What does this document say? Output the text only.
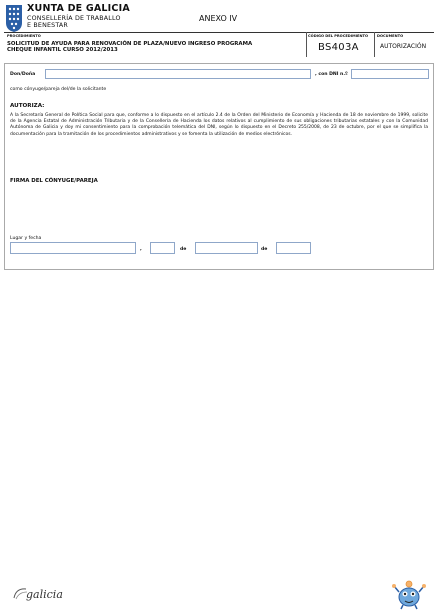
XUNTA DE GALICIA
CONSELLERÍA DE TRABALLO
E BENESTAR
ANEXO IV
PROCEDIMIENTO	CÓDIGO DEL PROCEDIMIENTO	DOCUMENTO
SOLICITUD DE AYUDA PARA RENOVACIÓN DE PLAZA/NUEVO INGRESO PROGRAMA
CHEQUE INFANTIL CURSO 2012/2013	BS403A	AUTORIZACIÓN
Don/Doña	, con DNI n.º
como cónyuge/pareja del/de la solicitante
AUTORIZA:
A la Secretaría General de Política Social para que, conforme a lo dispuesto en el artículo 2.4 de la Orden del Ministerio de Economía y Hacienda de 18 de noviembre de 1999, solicite de la Agencia Estatal de Administración Tributaria y de la Consellería de Hacienda los datos relativos al cumplimiento de sus obligaciones tributarias estatales y con la Comunidad Autónoma de Galicia y doy mi consentimiento para la comprobación telemática del DNI, según lo dispuesto en el Decreto 255/2008, de 23 de octubre, por el que se simplifica la documentación para la tramitación de los procedimientos administrativos y se fomenta la utilización de medios electrónicos.
FIRMA DEL CÓNYUGE/PAREJA
Lugar y fecha
,	de	de
galicia
